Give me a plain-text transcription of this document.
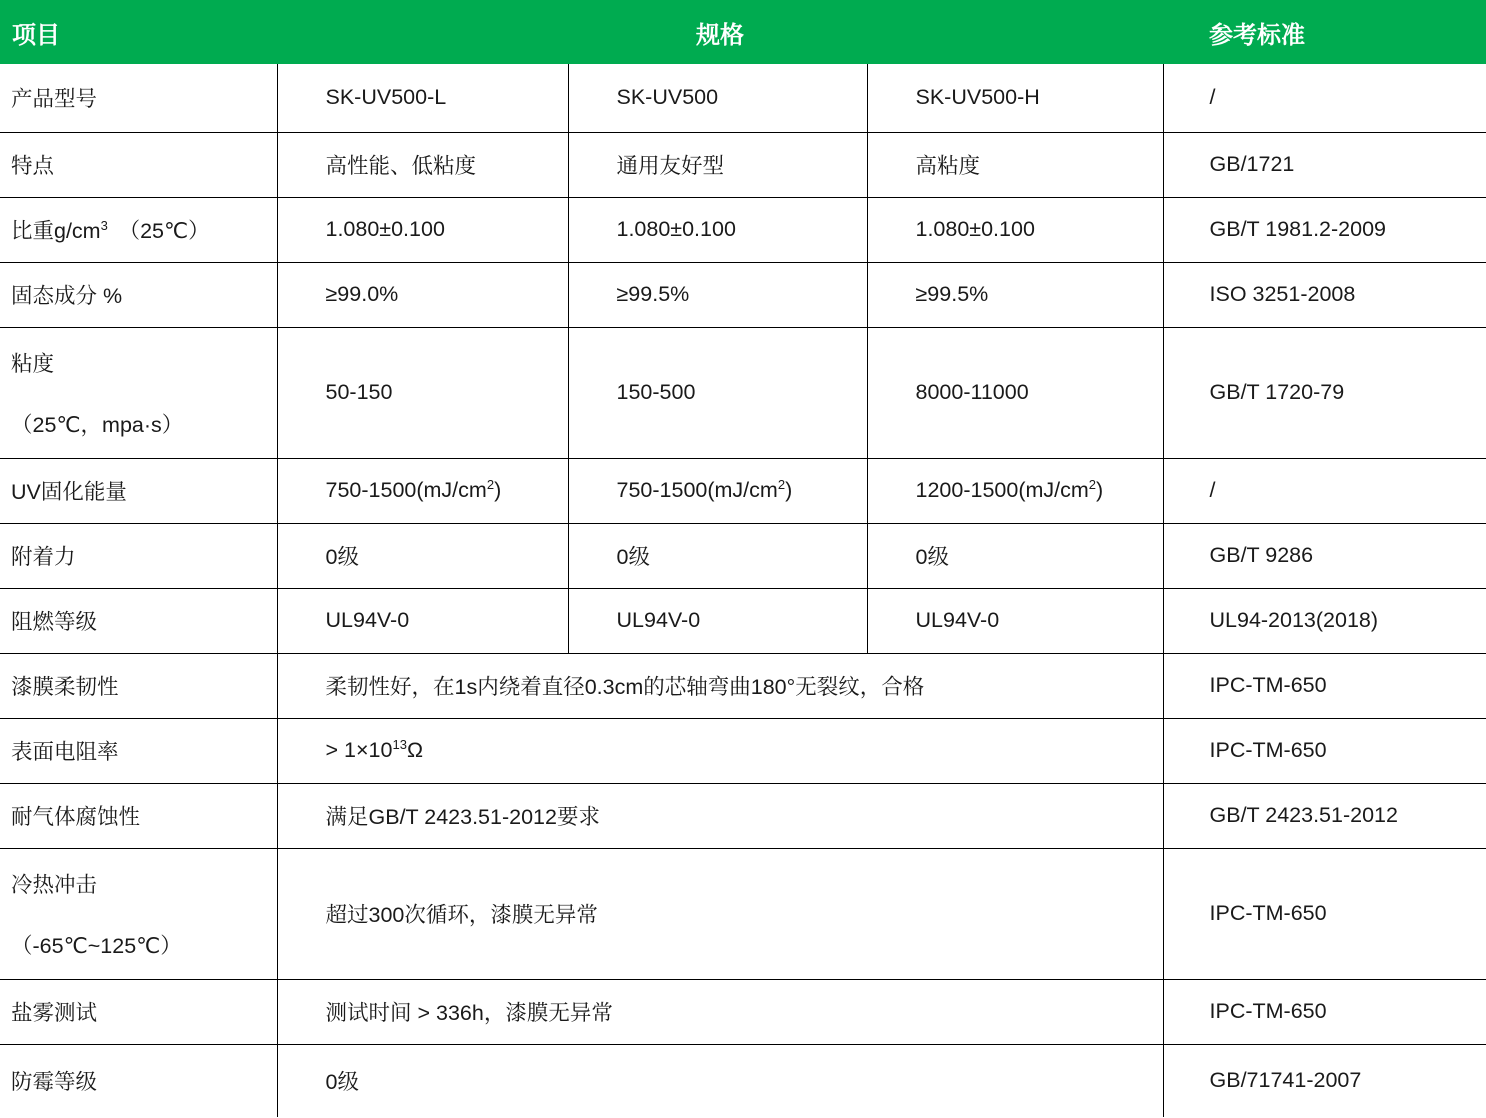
项目	规格			参考标准
产品型号	SK-UV500-L	SK-UV500	SK-UV500-H	/
特点	高性能、低粘度	通用友好型	高粘度	GB/1721
比重$g/cm^3$　（25℃）	1.080±0.100	1.080±0.100	1.080±0.100	GB/T 1981.2-2009
固态成分 %	≥99.0%	≥99.5%	≥99.5%	ISO 3251-2008

粘度
（25℃，mpa·s）	50-150	150-500	8000-11000	GB/T 1720-79
UV固化能量	$750-1500(mJ/cm^2)$	$750-1500(mJ/cm^2)$	$1200-1500(mJ/cm^2)$	/
附着力	0级	0级	0级	GB/T 9286
阻燃等级	UL94V-0	UL94V-0	UL94V-0	UL94-2013(2018)
漆膜柔韧性	柔韧性好，在1s内绕着直径0.3cm的芯轴弯曲180°无裂纹，合格			IPC-TM-650
表面电阻率	> $1\times 10^{13}\Omega$			IPC-TM-650
耐气体腐蚀性	满足GB/T 2423.51-2012要求			GB/T 2423.51-2012

冷热冲击
（-65℃~125℃）	超过300次循环，漆膜无异常			IPC-TM-650
盐雾测试	测试时间 > 336h，漆膜无异常			IPC-TM-650
防霉等级	0级			GB/71741-2007
